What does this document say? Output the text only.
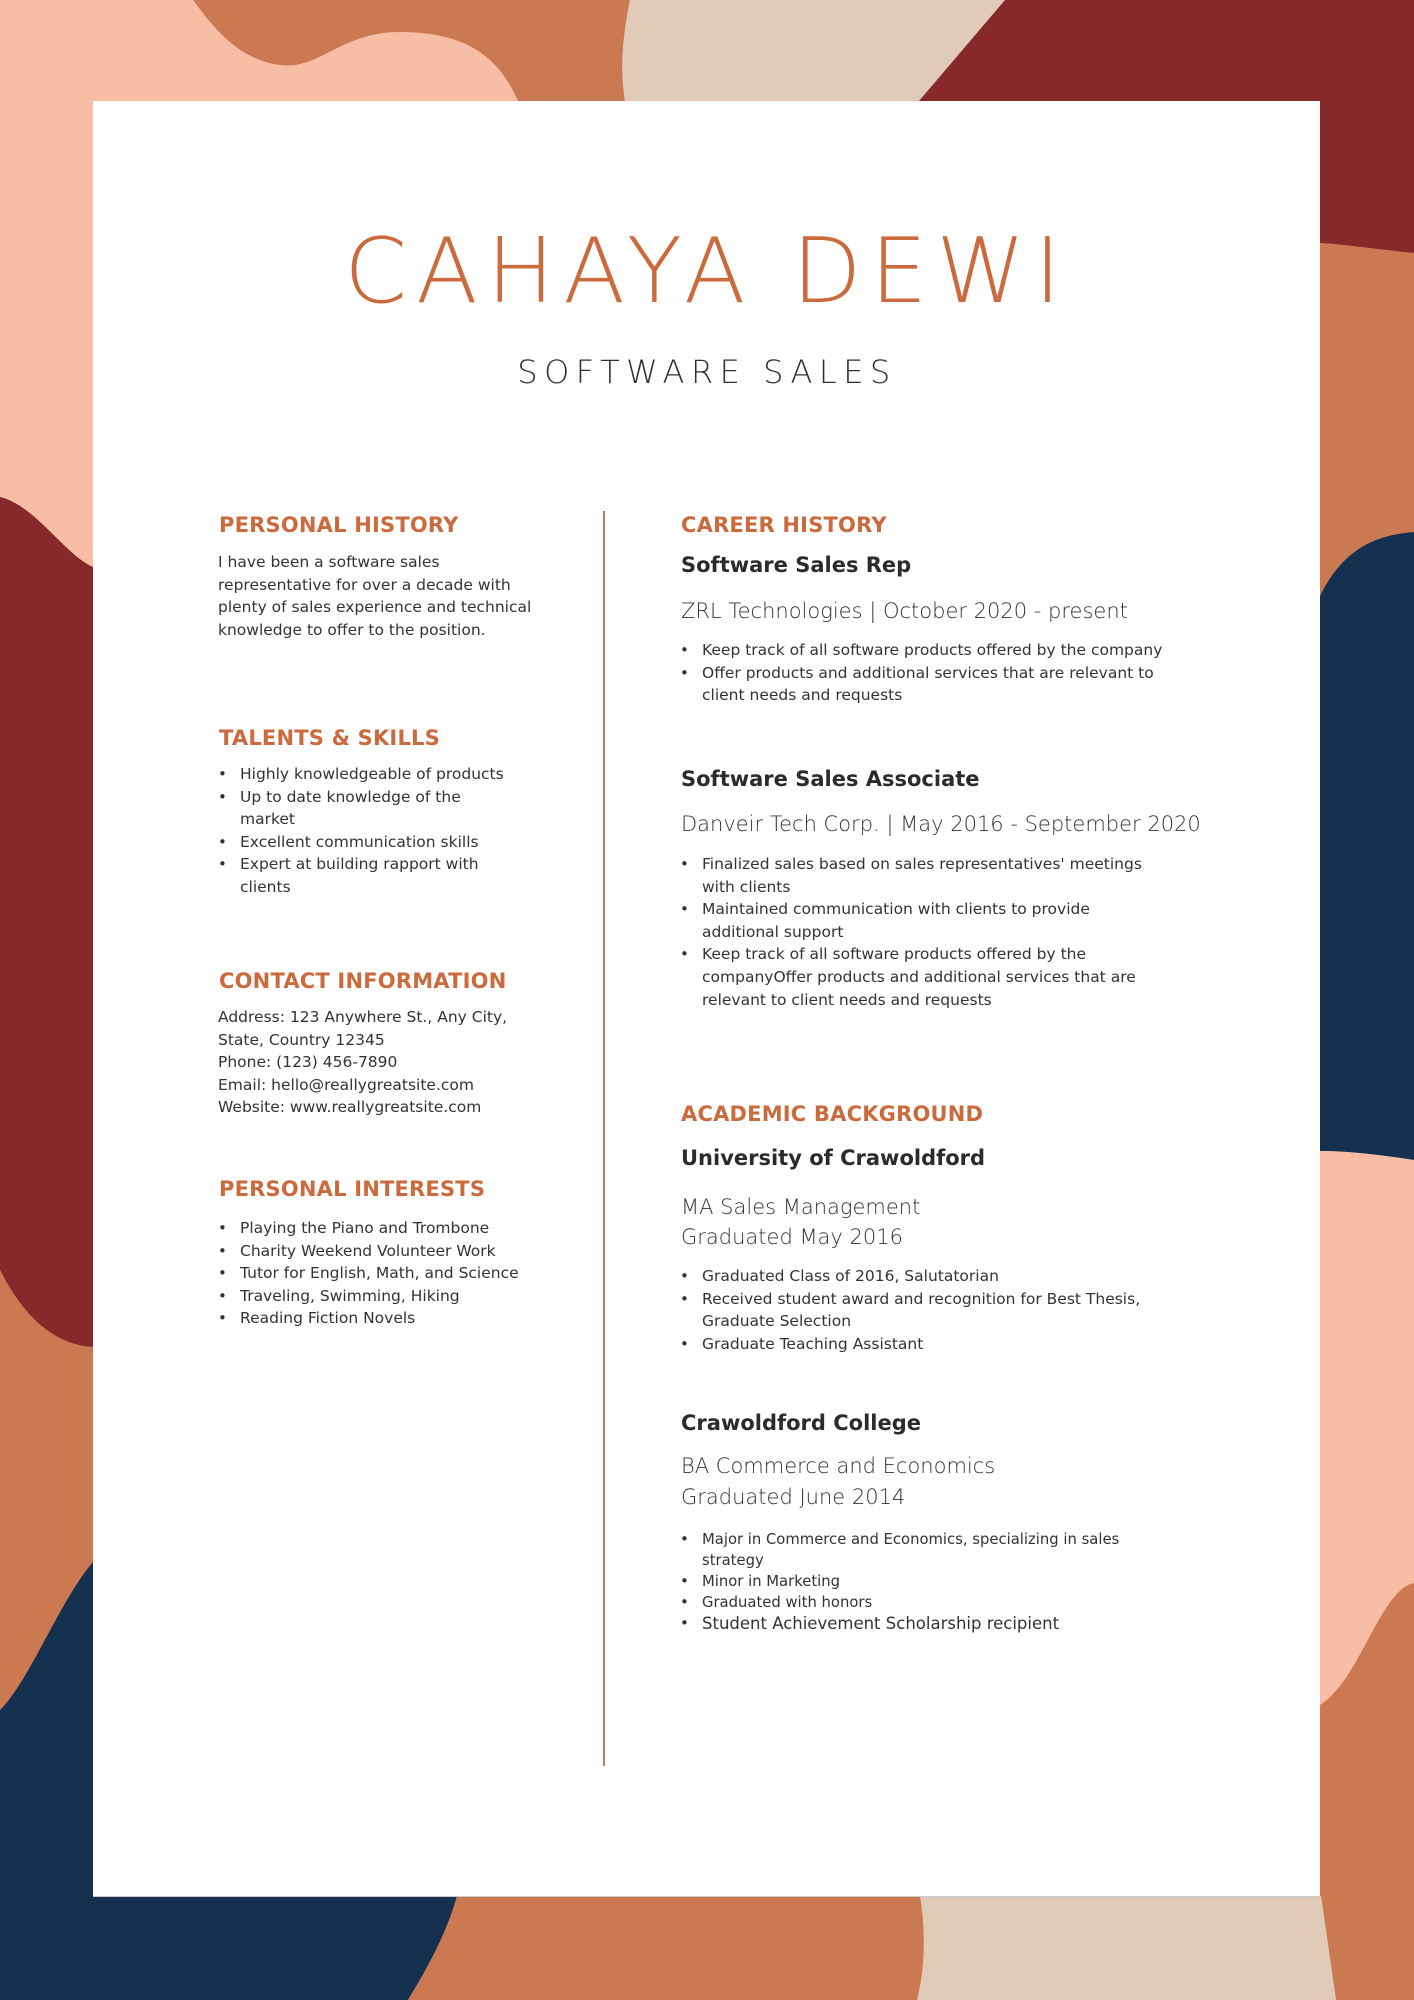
CAHAYA DEWI
SOFTWARE SALES
PERSONAL HISTORY

I have been a software sales representative for over a decade with plenty of sales experience and technical knowledge to offer to the position.

TALENTS & SKILLS
• Highly knowledgeable of products
• Up to date knowledge of the market
• Excellent communication skills
• Expert at building rapport with clients
CONTACT INFORMATION
Address: 123 Anywhere St., Any City, State, Country 12345
Phone: (123) 456-7890
Email: hello@reallygreatsite.com
Website: www.reallygreatsite.com
PERSONAL INTERESTS
• Playing the Piano and Trombone
• Charity Weekend Volunteer Work
• Tutor for English, Math, and Science
• Traveling, Swimming, Hiking
• Reading Fiction Novels
CAREER HISTORY
Software Sales Rep
ZRL Technologies | October 2020 - present
• Keep track of all software products offered by the company
• Offer products and additional services that are relevant to client needs and requests
Software Sales Associate
Danveir Tech Corp. | May 2016 - September 2020
• Finalized sales based on sales representatives' meetings with clients
• Maintained communication with clients to provide additional support
• Keep track of all software products offered by the companyOffer products and additional services that are relevant to client needs and requests
ACADEMIC BACKGROUND
University of Crawoldford
MA Sales Management
Graduated May 2016
• Graduated Class of 2016, Salutatorian
• Received student award and recognition for Best Thesis, Graduate Selection
• Graduate Teaching Assistant
Crawoldford College
BA Commerce and Economics
Graduated June 2014
• Major in Commerce and Economics, specializing in sales strategy
• Minor in Marketing
• Graduated with honors
• Student Achievement Scholarship recipient
